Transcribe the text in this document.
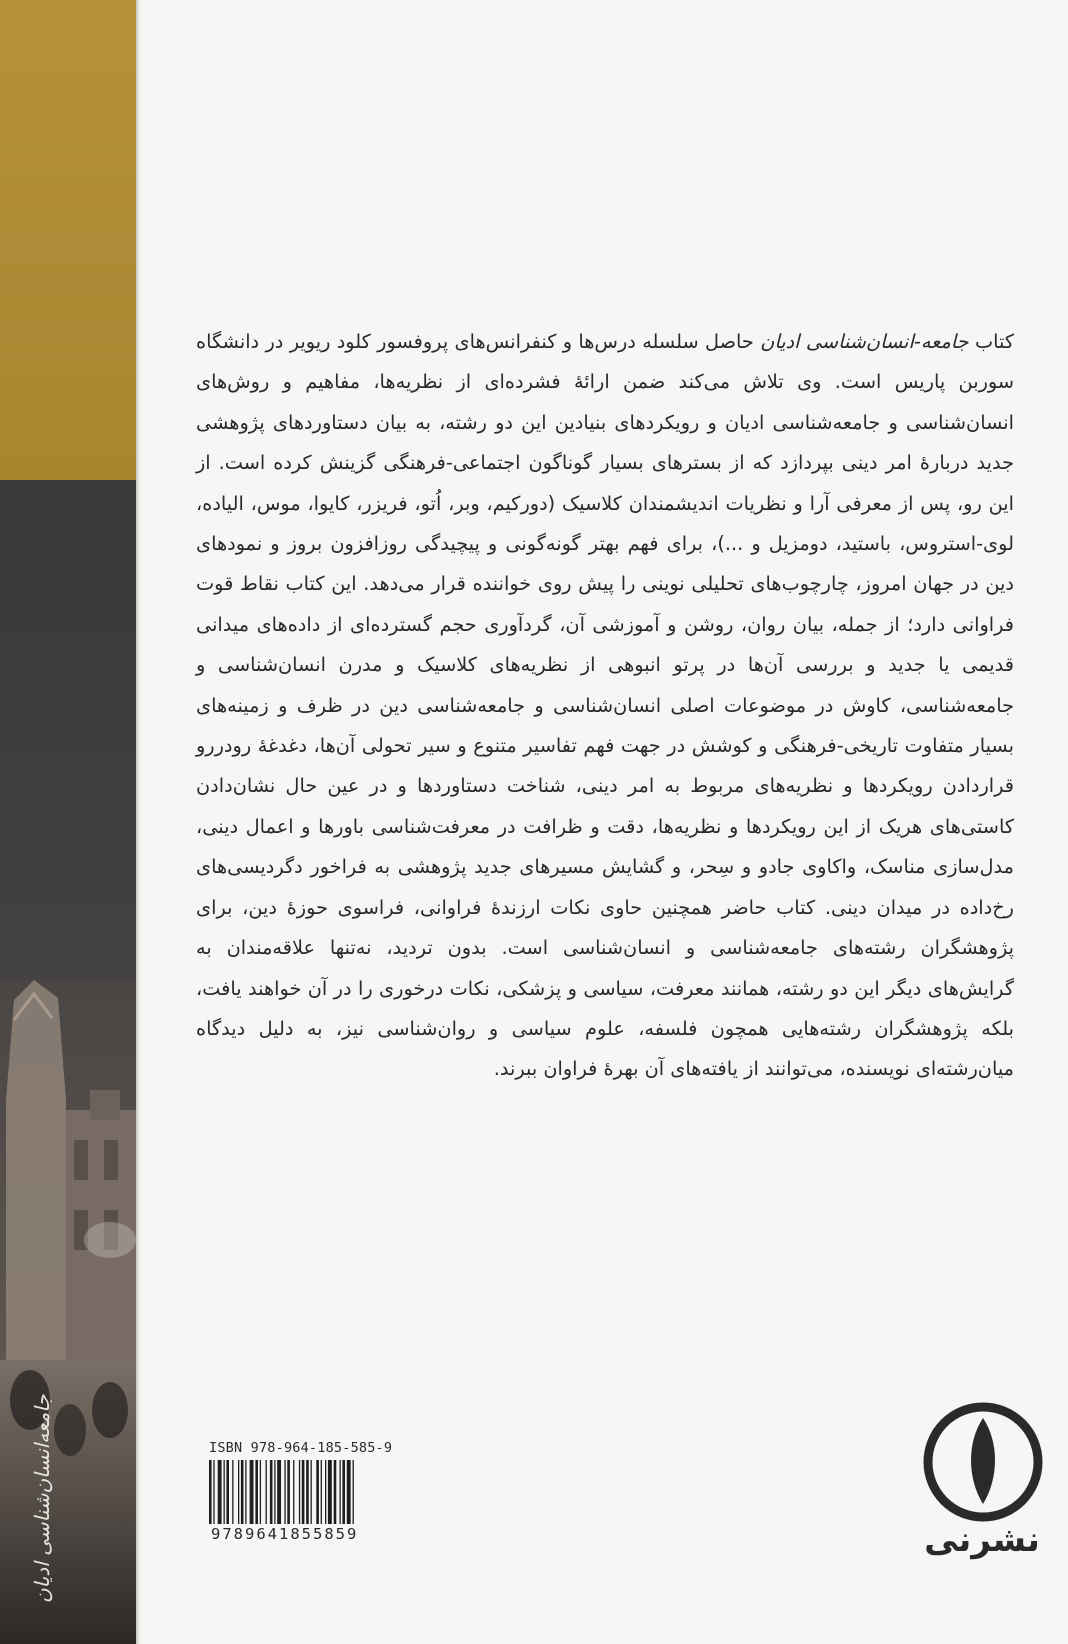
جامعه‌انسان‌شناسی ادیان

کتاب جامعه‌-انسان‌شناسی ادیان حاصل سلسله درس‌ها و کنفرانس‌های پروفسور کلود ریویر در دانشگاه سوربن پاریس است. وی تلاش می‌کند ضمن ارائهٔ فشرده‌ای از نظریه‌ها، مفاهیم و روش‌های انسان‌شناسی و جامعه‌شناسی ادیان و رویکردهای بنیادین این دو رشته، به بیان دستاوردهای پژوهشی جدید دربارهٔ امر دینی بپردازد که از بسترهای بسیار گوناگون اجتماعی-فرهنگی گزینش کرده است. از این رو، پس از معرفی آرا و نظریات اندیشمندان کلاسیک (دورکیم، وبر، اُتو، فریزر، کایوا، موس، الیاده، لوی-استروس، باستید، دومزیل و ...)، برای فهم بهتر گونه‌گونی و پیچیدگی روزافزون بروز و نمودهای دین در جهان امروز، چارچوب‌های تحلیلی نوینی را پیش روی خواننده قرار می‌دهد. این کتاب نقاط قوت فراوانی دارد؛ از جمله، بیان روان، روشن و آموزشی آن، گردآوری حجم گسترده‌ای از داده‌های میدانی قدیمی یا جدید و بررسی آن‌ها در پرتو انبوهی از نظریه‌های کلاسیک و مدرن انسان‌شناسی و جامعه‌شناسی، کاوش در موضوعات اصلی انسان‌شناسی و جامعه‌شناسی دین در ظرف و زمینه‌های بسیار متفاوت تاریخی-فرهنگی و کوشش در جهت فهم تفاسیر متنوع و سیر تحولی آن‌ها، دغدغهٔ رودررو قراردادن رویکردها و نظریه‌های مربوط به امر دینی، شناخت دستاوردها و در عین حال نشان‌دادن کاستی‌های هریک از این رویکردها و نظریه‌ها، دقت و ظرافت در معرفت‌شناسی باورها و اعمال دینی، مدل‌سازی مناسک، واکاوی جادو و سِحر، و گشایش مسیرهای جدید پژوهشی به فراخور دگردیسی‌های رخ‌داده در میدان دینی. کتاب حاضر همچنین حاوی نکات ارزندهٔ فراوانی، فراسوی حوزهٔ دین، برای پژوهشگران رشته‌های جامعه‌شناسی و انسان‌شناسی است. بدون تردید، نه‌تنها علاقه‌مندان به گرایش‌های دیگر این دو رشته، همانند معرفت، سیاسی و پزشکی، نکات درخوری را در آن خواهند یافت، بلکه پژوهشگران رشته‌هایی همچون فلسفه، علوم سیاسی و روان‌شناسی نیز، به دلیل دیدگاه میان‌رشته‌ای نویسنده، می‌توانند از یافته‌های آن بهرهٔ فراوان ببرند.

ISBN 978-964-185-585-9
9789641855859	نشرنی
